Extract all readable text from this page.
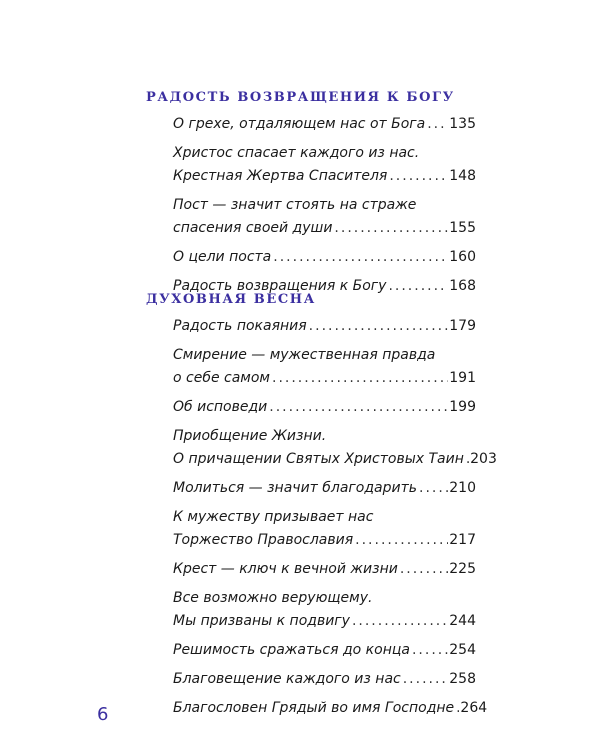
РАДОСТЬ ВОЗВРАЩЕНИЯ К БОГУ
О грехе, отдаляющем нас от Бога ..... 135
Христос спасает каждого из нас.
Крестная Жертва Спасителя .....	148
Пост — значит стоять на страже
спасения своей души .....	155
О цели поста .....	160
Радость возвращения к Богу .....	168
ДУХОВНАЯ ВЕСНА
Радость покаяния .....	179
Смирение — мужественная правда
о себе самом .....	191
Об исповеди .....	199
Приобщение Жизни.
О причащении Святых Христовых Таин ..... 203
Молиться — значит благодарить ..... 210
К мужеству призывает нас
Торжество Православия .....	217
Крест — ключ к вечной жизни .....	225
Все возможно верующему.
Мы призваны к подвигу .....	244
Решимость сражаться до конца .....	254
Благовещение каждого из нас .....	258
Благословен Грядый во имя Господне ..... 264
6
